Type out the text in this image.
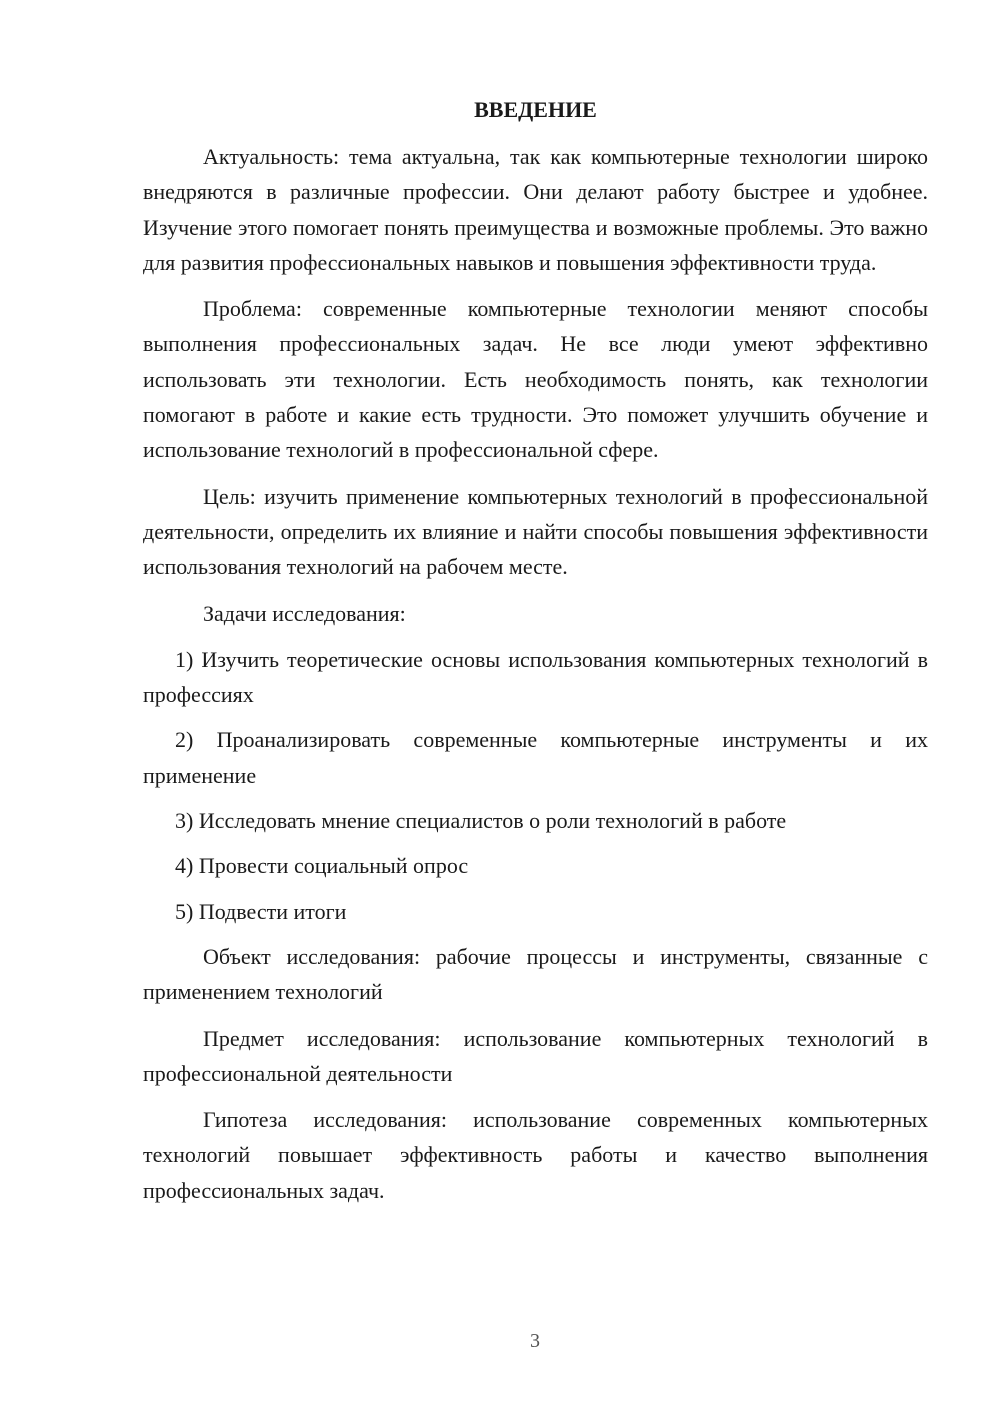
ВВЕДЕНИЕ

Актуальность: тема актуальна, так как компьютерные технологии широко внедряются в различные профессии. Они делают работу быстрее и удобнее. Изучение этого помогает понять преимущества и возможные проблемы. Это важно для развития профессиональных навыков и повышения эффективности труда.

Проблема: современные компьютерные технологии меняют способы выполнения профессиональных задач. Не все люди умеют эффективно использовать эти технологии. Есть необходимость понять, как технологии помогают в работе и какие есть трудности. Это поможет улучшить обучение и использование технологий в профессиональной сфере.

Цель: изучить применение компьютерных технологий в профессиональной деятельности, определить их влияние и найти способы повышения эффективности использования технологий на рабочем месте.

Задачи исследования:

1) Изучить теоретические основы использования компьютерных технологий в профессиях
2) Проанализировать современные компьютерные инструменты и их применение
3) Исследовать мнение специалистов о роли технологий в работе
4) Провести социальный опрос
5) Подвести итоги

Объект исследования: рабочие процессы и инструменты, связанные с применением технологий

Предмет исследования: использование компьютерных технологий в профессиональной деятельности

Гипотеза исследования: использование современных компьютерных технологий повышает эффективность работы и качество выполнения профессиональных задач.

3
